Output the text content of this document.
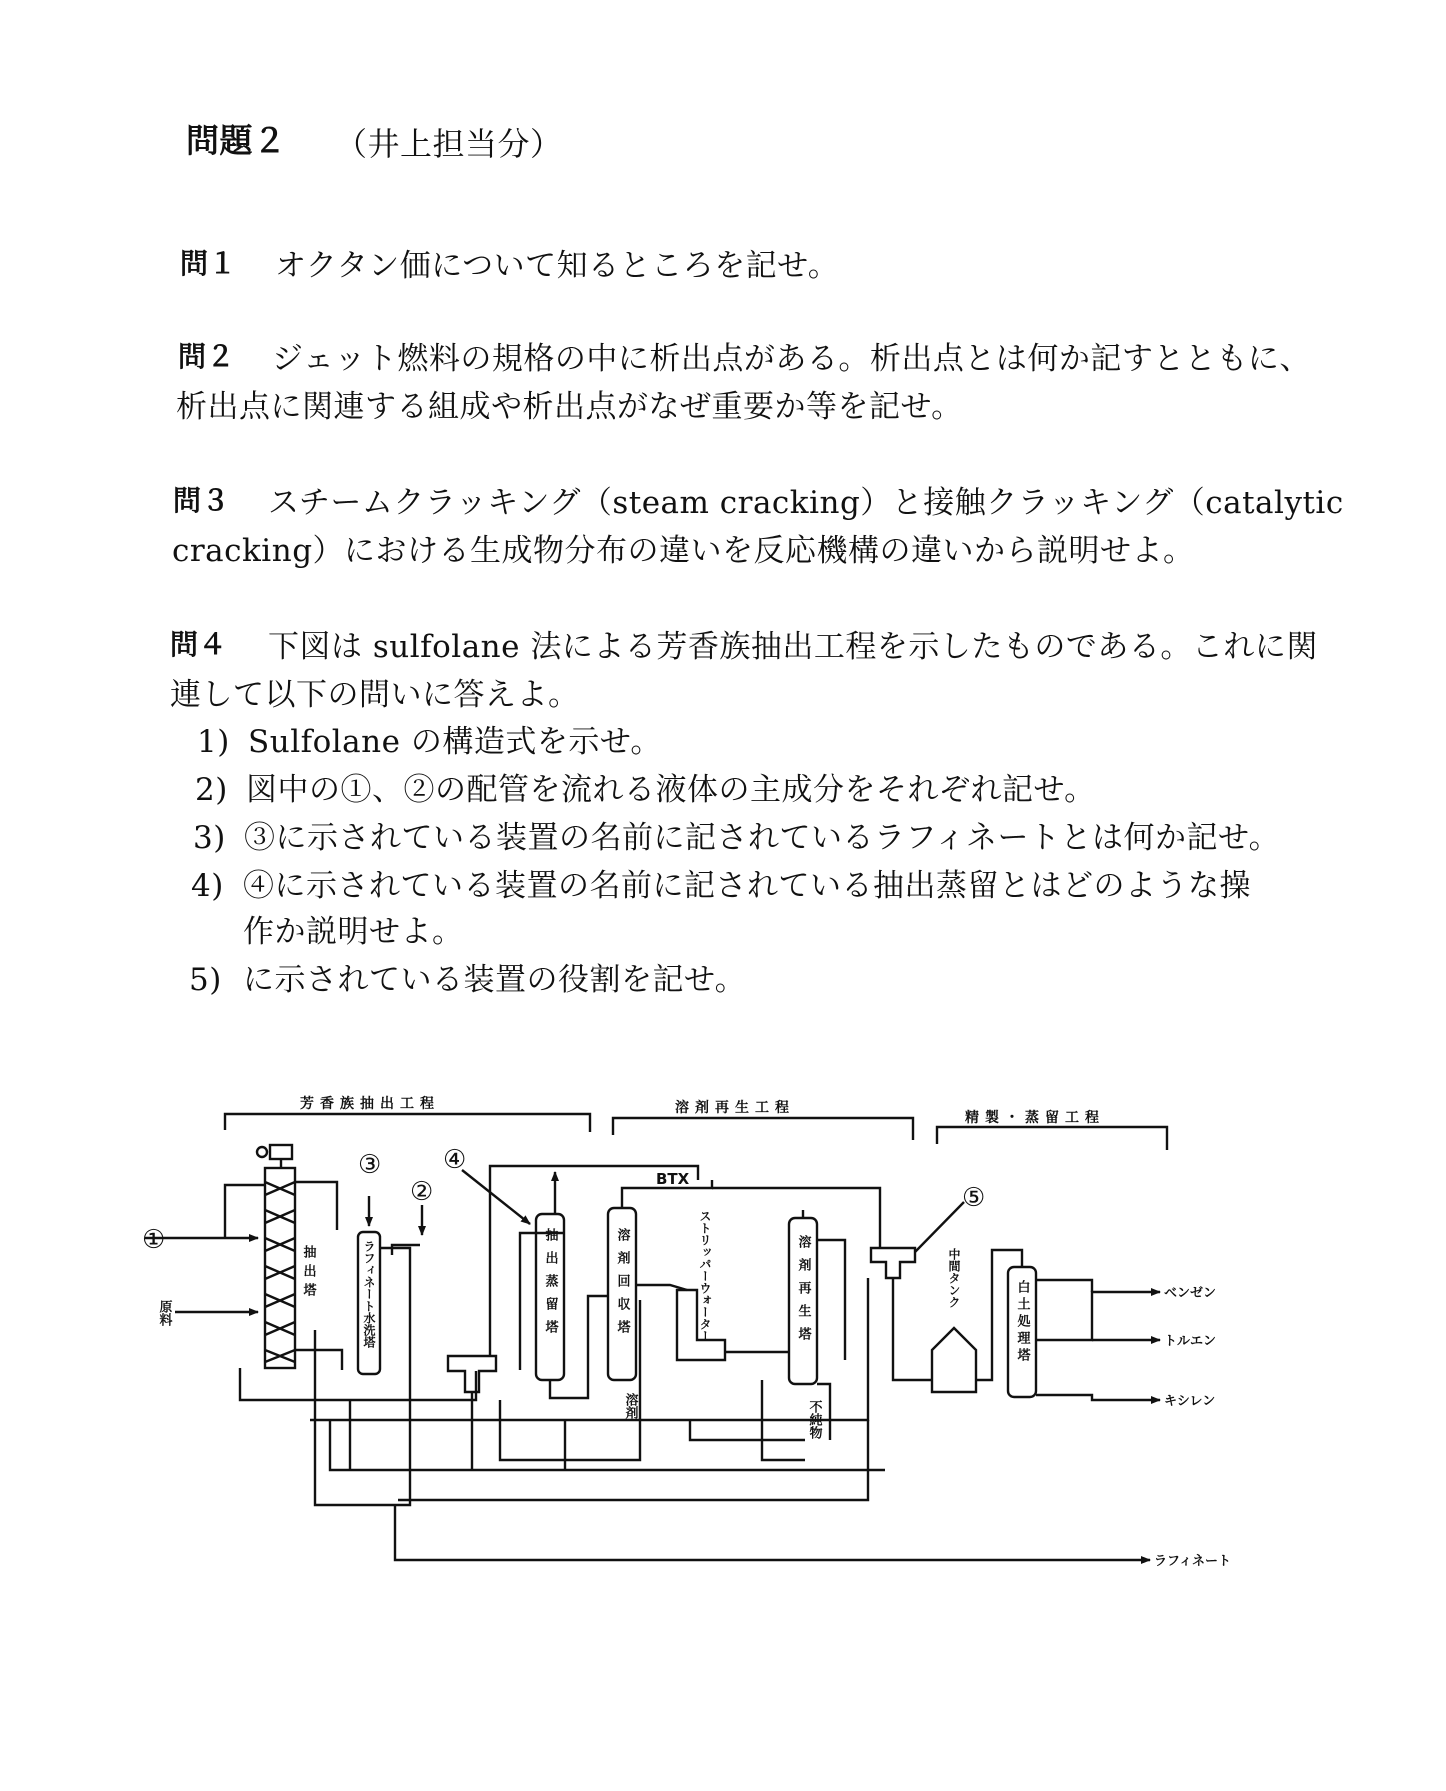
問題２ （井上担当分）
問１ オクタン価について知るところを記せ。
問２ ジェット燃料の規格の中に析出点がある。析出点とは何か記すとともに、
析出点に関連する組成や析出点がなぜ重要か等を記せ。
問３ スチームクラッキング（steam cracking）と接触クラッキング（catalytic
cracking）における生成物分布の違いを反応機構の違いから説明せよ。
問４ 下図は sulfolane 法による芳香族抽出工程を示したものである。これに関
連して以下の問いに答えよ。
1) Sulfolane の構造式を示せ。
2) 図中の①、②の配管を流れる液体の主成分をそれぞれ記せ。
3) ③に示されている装置の名前に記されているラフィネートとは何か記せ。
4) ④に示されている装置の名前に記されている抽出蒸留とはどのような操
作か説明せよ。
5) に示されている装置の役割を記せ。
芳香族抽出工程	溶剤再生工程
精製・蒸留工程
①
②
③ ④
⑤
原料
抽出塔	ラフィネート水洗塔	抽出蒸留塔	溶剤回収塔	ストリッパーウォーター	溶剤再生塔	中間タンク
白土処理塔
BTX
溶剤	不純物
ベンゼン
トルエン
キシレン
ラフィネート
